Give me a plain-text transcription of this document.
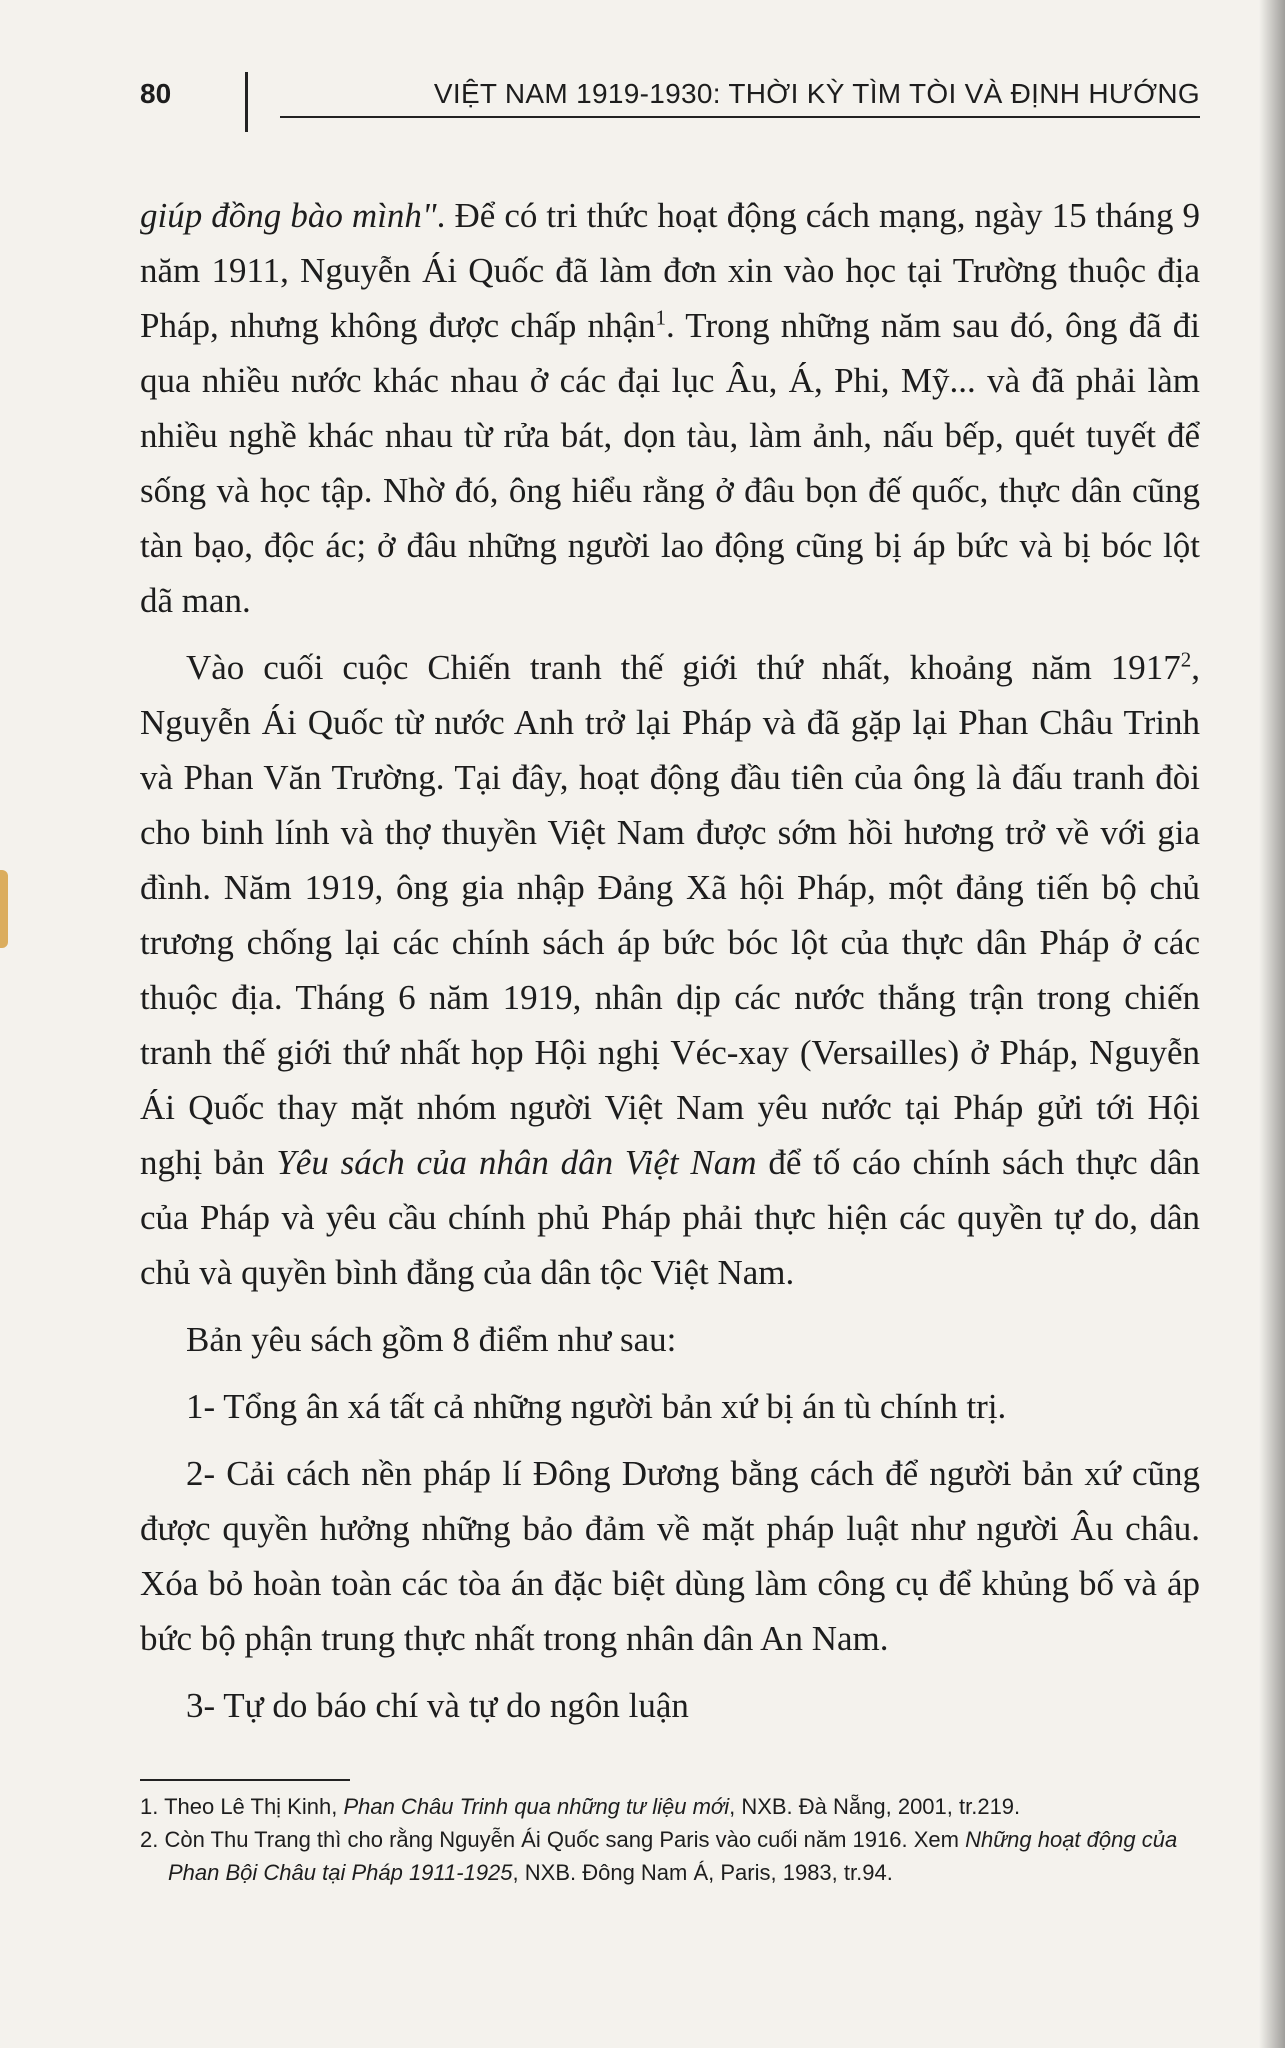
80	VIỆT NAM 1919-1930: THỜI KỲ TÌM TÒI VÀ ĐỊNH HƯỚNG

giúp đồng bào mình". Để có tri thức hoạt động cách mạng, ngày 15 tháng 9 năm 1911, Nguyễn Ái Quốc đã làm đơn xin vào học tại Trường thuộc địa Pháp, nhưng không được chấp nhận$^1$. Trong những năm sau đó, ông đã đi qua nhiều nước khác nhau ở các đại lục Âu, Á, Phi, Mỹ... và đã phải làm nhiều nghề khác nhau từ rửa bát, dọn tàu, làm ảnh, nấu bếp, quét tuyết để sống và học tập. Nhờ đó, ông hiểu rằng ở đâu bọn đế quốc, thực dân cũng tàn bạo, độc ác; ở đâu những người lao động cũng bị áp bức và bị bóc lột dã man.

Vào cuối cuộc Chiến tranh thế giới thứ nhất, khoảng năm 1917$^2$, Nguyễn Ái Quốc từ nước Anh trở lại Pháp và đã gặp lại Phan Châu Trinh và Phan Văn Trường. Tại đây, hoạt động đầu tiên của ông là đấu tranh đòi cho binh lính và thợ thuyền Việt Nam được sớm hồi hương trở về với gia đình. Năm 1919, ông gia nhập Đảng Xã hội Pháp, một đảng tiến bộ chủ trương chống lại các chính sách áp bức bóc lột của thực dân Pháp ở các thuộc địa. Tháng 6 năm 1919, nhân dịp các nước thắng trận trong chiến tranh thế giới thứ nhất họp Hội nghị Véc-xay (Versailles) ở Pháp, Nguyễn Ái Quốc thay mặt nhóm người Việt Nam yêu nước tại Pháp gửi tới Hội nghị bản Yêu sách của nhân dân Việt Nam để tố cáo chính sách thực dân của Pháp và yêu cầu chính phủ Pháp phải thực hiện các quyền tự do, dân chủ và quyền bình đẳng của dân tộc Việt Nam.

Bản yêu sách gồm 8 điểm như sau:

1- Tổng ân xá tất cả những người bản xứ bị án tù chính trị.

2- Cải cách nền pháp lí Đông Dương bằng cách để người bản xứ cũng được quyền hưởng những bảo đảm về mặt pháp luật như người Âu châu. Xóa bỏ hoàn toàn các tòa án đặc biệt dùng làm công cụ để khủng bố và áp bức bộ phận trung thực nhất trong nhân dân An Nam.

3- Tự do báo chí và tự do ngôn luận

1. Theo Lê Thị Kinh, Phan Châu Trinh qua những tư liệu mới, NXB. Đà Nẵng, 2001, tr.219.

2. Còn Thu Trang thì cho rằng Nguyễn Ái Quốc sang Paris vào cuối năm 1916. Xem Những hoạt động của Phan Bội Châu tại Pháp 1911-1925, NXB. Đông Nam Á, Paris, 1983, tr.94.
